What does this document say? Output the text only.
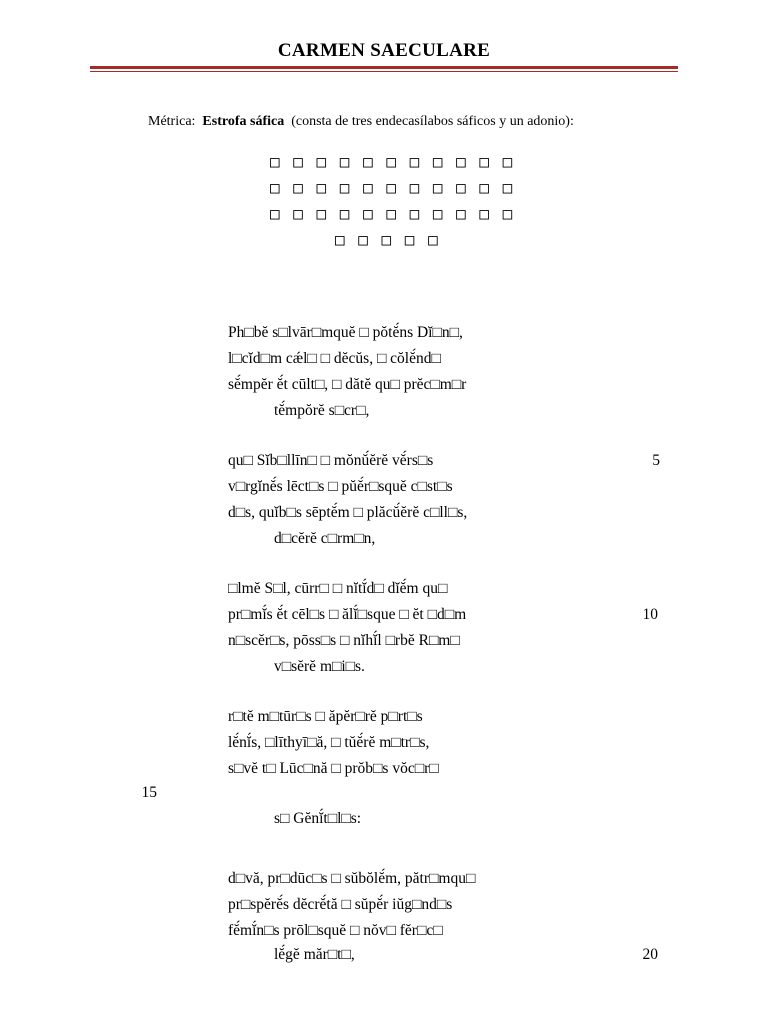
CARMEN SAECULARE
Métrica: Estrofa sáfica (consta de tres endecasílabos sáficos y un adonio):
□ □ □ □ □ □ □ □ □ □ □
□ □ □ □ □ □ □ □ □ □ □
□ □ □ □ □ □ □ □ □ □ □
□ □ □ □ □
Ph□bĕ s□lvār□mquĕ □ pŏtĕ́ns Dĭ□n□,
l□cĭd□m cǽl□ □ dĕcŭs, □ cŏlĕ́nd□
sĕ́mpĕr ĕ́t cūlt□, □ dătĕ qu□ prĕc□m□r
tĕ́mpŏrĕ s□cr□,
qu□ Sĭb□llīn□ □ mŏnŭ́ĕrĕ vĕ́rs□s	5
v□rgĭnĕ́s lēct□s □ pŭĕ́r□squĕ c□st□s
d□s, quĭb□s sēptĕ́m □ plăcŭ́ĕrĕ c□ll□s,
d□cĕrĕ c□rm□n,
□lmĕ S□l, cūrr□ □ nĭtĭ́d□ dĭĕ́m qu□
pr□mĭ́s ĕ́t cēl□s □ ălĭ́□sque □ ĕt □d□m	10
n□scĕr□s, pōss□s □ nĭhĭ́l □rbĕ R□m□
v□sĕrĕ m□i□s.
r□tĕ m□tūr□s □ ăpĕr□rĕ p□rt□s
lĕ́nĭ́s, □līthyī□ă, □ tŭĕ́rĕ m□tr□s,
s□vĕ t□ Lūc□nă □ prŏb□s vŏc□r□
15
s□ Gĕnĭ́t□l□s:
d□vă, pr□dūc□s □ sŭbŏlĕ́m, pătr□mqu□
pr□spĕrĕ́s dĕcrĕ́tă □ sŭpĕ́r iŭg□nd□s
fĕ́mĭ́n□s prōl□squĕ □ nŏv□ fĕr□c□
lĕ́gĕ măr□t□,	20
